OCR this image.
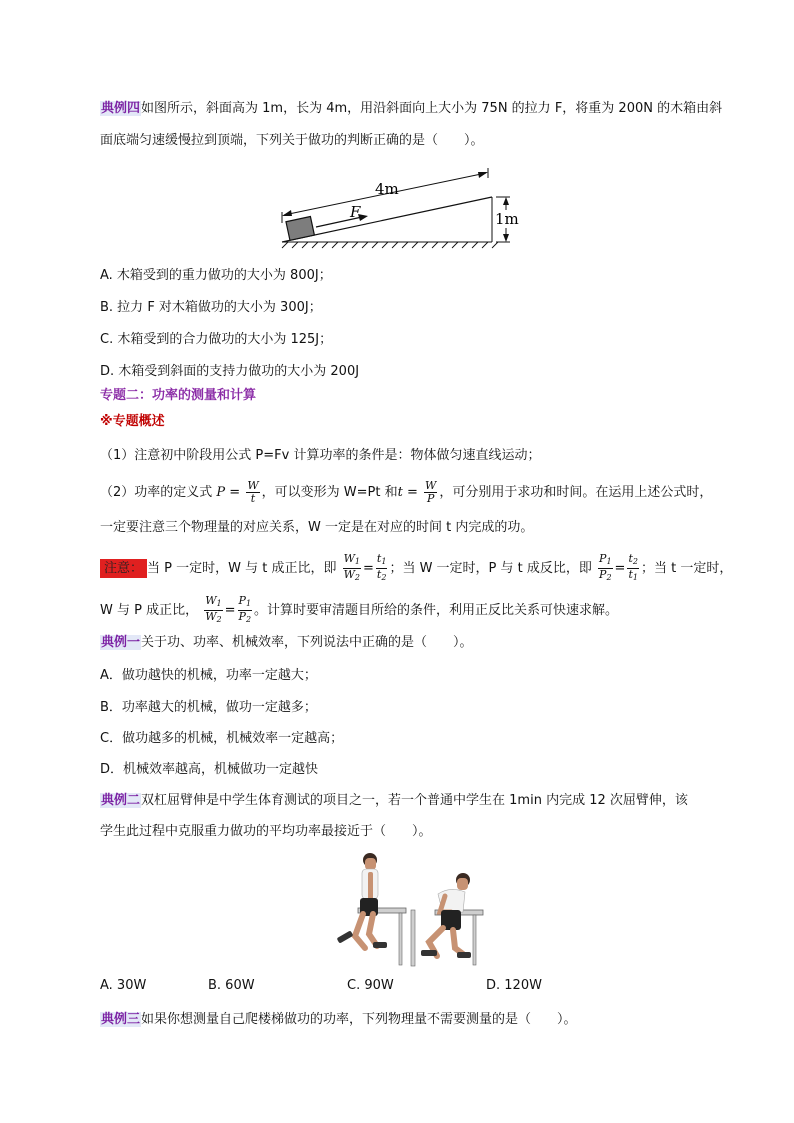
典例四如图所示，斜面高为 1m，长为 4m，用沿斜面向上大小为 75N 的拉力 F，将重为 200N 的木箱由斜
面底端匀速缓慢拉到顶端，下列关于做功的判断正确的是（　　）。
F
4m
1m
A. 木箱受到的重力做功的大小为 800J；
B. 拉力 F 对木箱做功的大小为 300J；
C. 木箱受到的合力做功的大小为 125J；
D. 木箱受到斜面的支持力做功的大小为 200J
专题二：功率的测量和计算
※专题概述
（1）注意初中阶段用公式 P=Fv 计算功率的条件是：物体做匀速直线运动；
（2）功率的定义式 $P = \frac{W}{t}$ ，可以变形为 W=Pt 和$t = \frac{W}{P}$ ，可分别用于求功和时间。在运用上述公式时，
一定要注意三个物理量的对应关系，W 一定是在对应的时间 t 内完成的功。
注意： 当 P 一定时，W 与 t 成正比，即 $\frac{W_1}{W_2} = \frac{t_1}{t_2}$ ；当 W 一定时，P 与 t 成反比，即 $\frac{P_1}{P_2} = \frac{t_2}{t_1}$ ；当 t 一定时，
W 与 P 成正比， $\frac{W_1}{W_2} = \frac{P_1}{P_2}$ 。计算时要审清题目所给的条件，利用正反比关系可快速求解。
典例一关于功、功率、机械效率，下列说法中正确的是（　　）。
A．做功越快的机械，功率一定越大；
B．功率越大的机械，做功一定越多；
C．做功越多的机械，机械效率一定越高；
D．机械效率越高，机械做功一定越快
典例二双杠屈臂伸是中学生体育测试的项目之一，若一个普通中学生在 1min 内完成 12 次屈臂伸，该
学生此过程中克服重力做功的平均功率最接近于（　　）。
A. 30W	B. 60W	C. 90W	D. 120W
典例三如果你想测量自己爬楼梯做功的功率，下列物理量不需要测量的是（　　）。
